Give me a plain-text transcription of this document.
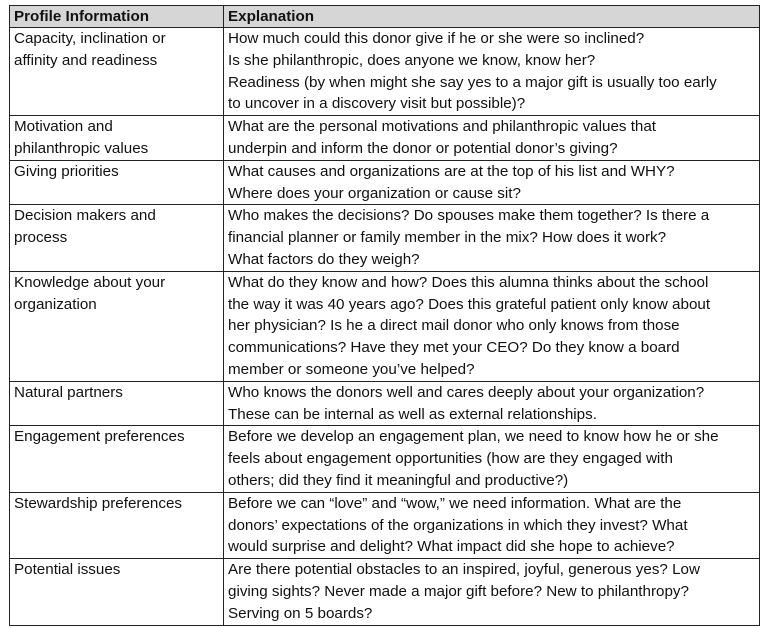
Profile Information	Explanation

Capacity, inclination or
affinity and readiness	How much could this donor give if he or she were so inclined?
Is she philanthropic, does anyone we know, know her?
Readiness (by when might she say yes to a major gift is usually too early
to uncover in a discovery visit but possible)?

Motivation and
philanthropic values	What are the personal motivations and philanthropic values that
underpin and inform the donor or potential donor’s giving?

Giving priorities	What causes and organizations are at the top of his list and WHY?
Where does your organization or cause sit?

Decision makers and
process	Who makes the decisions? Do spouses make them together? Is there a
financial planner or family member in the mix? How does it work?
What factors do they weigh?

Knowledge about your
organization	What do they know and how? Does this alumna thinks about the school
the way it was 40 years ago? Does this grateful patient only know about
her physician? Is he a direct mail donor who only knows from those
communications? Have they met your CEO? Do they know a board
member or someone you’ve helped?

Natural partners	Who knows the donors well and cares deeply about your organization?
These can be internal as well as external relationships.

Engagement preferences	Before we develop an engagement plan, we need to know how he or she
feels about engagement opportunities (how are they engaged with
others; did they find it meaningful and productive?)

Stewardship preferences	Before we can “love” and “wow,” we need information. What are the
donors’ expectations of the organizations in which they invest? What
would surprise and delight? What impact did she hope to achieve?

Potential issues	Are there potential obstacles to an inspired, joyful, generous yes? Low
giving sights? Never made a major gift before? New to philanthropy?
Serving on 5 boards?
